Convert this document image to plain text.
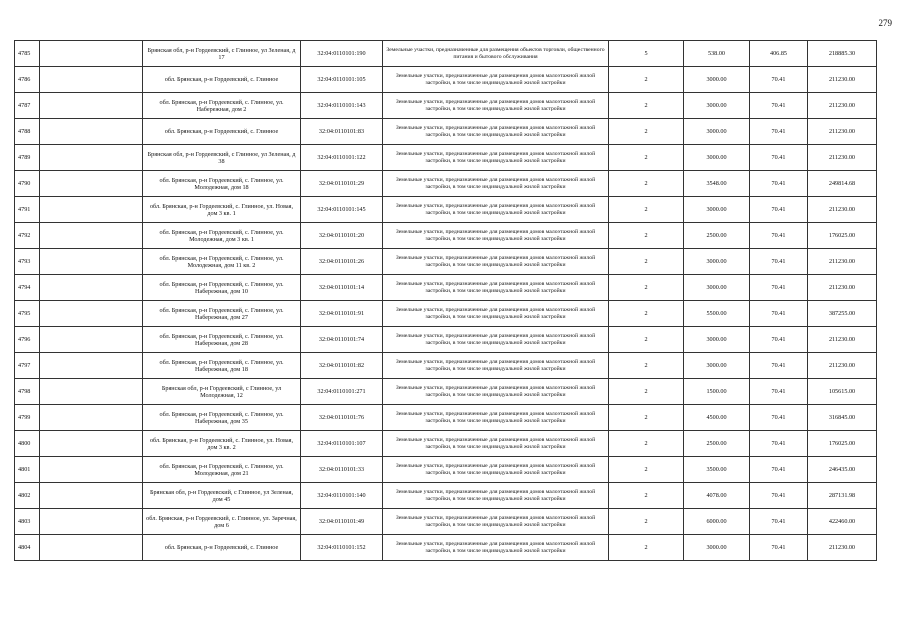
279
4785		Брянская обл, р-н Гордеевский, с Глинное, ул Зеленая, д 17	32:04:0110101:190	Земельные участки, предназначенные для размещения объектов торговли, общественного питания и бытового обслуживания	5	538.00	406.85	218885.30
4786		обл. Брянская, р-н Гордеевский, с. Глинное	32:04:0110101:105	Земельные участки, предназначенные для размещения домов малоэтажной жилой застройки, в том числе индивидуальной жилой застройки	2	3000.00	70.41	211230.00
4787		обл. Брянская, р-н Гордеевский, с. Глинное, ул. Набережная, дом 2	32:04:0110101:143	Земельные участки, предназначенные для размещения домов малоэтажной жилой застройки, в том числе индивидуальной жилой застройки	2	3000.00	70.41	211230.00
4788		обл. Брянская, р-н Гордеевский, с. Глинное	32:04:0110101:83	Земельные участки, предназначенные для размещения домов малоэтажной жилой застройки, в том числе индивидуальной жилой застройки	2	3000.00	70.41	211230.00
4789		Брянская обл, р-н Гордеевский, с Глинное, ул Зеленая, д 38	32:04:0110101:122	Земельные участки, предназначенные для размещения домов малоэтажной жилой застройки, в том числе индивидуальной жилой застройки	2	3000.00	70.41	211230.00
4790		обл. Брянская, р-н Гордеевский, с. Глинное, ул. Молодежная, дом 18	32:04:0110101:29	Земельные участки, предназначенные для размещения домов малоэтажной жилой застройки, в том числе индивидуальной жилой застройки	2	3548.00	70.41	249814.68
4791		обл. Брянская, р-н Гордеевский, с. Глинное, ул. Новая, дом 3 кв. 1	32:04:0110101:145	Земельные участки, предназначенные для размещения домов малоэтажной жилой застройки, в том числе индивидуальной жилой застройки	2	3000.00	70.41	211230.00
4792		обл. Брянская, р-н Гордеевский, с. Глинное, ул. Молодежная, дом 3 кв. 1	32:04:0110101:20	Земельные участки, предназначенные для размещения домов малоэтажной жилой застройки, в том числе индивидуальной жилой застройки	2	2500.00	70.41	176025.00
4793		обл. Брянская, р-н Гордеевский, с. Глинное, ул. Молодежная, дом 11 кв. 2	32:04:0110101:26	Земельные участки, предназначенные для размещения домов малоэтажной жилой застройки, в том числе индивидуальной жилой застройки	2	3000.00	70.41	211230.00
4794		обл. Брянская, р-н Гордеевский, с. Глинное, ул. Набережная, дом 10	32:04:0110101:14	Земельные участки, предназначенные для размещения домов малоэтажной жилой застройки, в том числе индивидуальной жилой застройки	2	3000.00	70.41	211230.00
4795		обл. Брянская, р-н Гордеевский, с. Глинное, ул. Набережная, дом 27	32:04:0110101:91	Земельные участки, предназначенные для размещения домов малоэтажной жилой застройки, в том числе индивидуальной жилой застройки	2	5500.00	70.41	387255.00
4796		обл. Брянская, р-н Гордеевский, с. Глинное, ул. Набережная, дом 28	32:04:0110101:74	Земельные участки, предназначенные для размещения домов малоэтажной жилой застройки, в том числе индивидуальной жилой застройки	2	3000.00	70.41	211230.00
4797		обл. Брянская, р-н Гордеевский, с. Глинное, ул. Набережная, дом 18	32:04:0110101:82	Земельные участки, предназначенные для размещения домов малоэтажной жилой застройки, в том числе индивидуальной жилой застройки	2	3000.00	70.41	211230.00
4798		Брянская обл, р-н Гордеевский, с Глинное, ул Молодежная, 12	32:04:0110101:271	Земельные участки, предназначенные для размещения домов малоэтажной жилой застройки, в том числе индивидуальной жилой застройки	2	1500.00	70.41	105615.00
4799		обл. Брянская, р-н Гордеевский, с. Глинное, ул. Набережная, дом 35	32:04:0110101:76	Земельные участки, предназначенные для размещения домов малоэтажной жилой застройки, в том числе индивидуальной жилой застройки	2	4500.00	70.41	316845.00
4800		обл. Брянская, р-н Гордеевский, с. Глинное, ул. Новая, дом 3 кв. 2	32:04:0110101:107	Земельные участки, предназначенные для размещения домов малоэтажной жилой застройки, в том числе индивидуальной жилой застройки	2	2500.00	70.41	176025.00
4801		обл. Брянская, р-н Гордеевский, с. Глинное, ул. Молодежная, дом 21	32:04:0110101:33	Земельные участки, предназначенные для размещения домов малоэтажной жилой застройки, в том числе индивидуальной жилой застройки	2	3500.00	70.41	246435.00
4802		Брянская обл, р-н Гордеевский, с Глинное, ул Зеленая, дом 45	32:04:0110101:140	Земельные участки, предназначенные для размещения домов малоэтажной жилой застройки, в том числе индивидуальной жилой застройки	2	4078.00	70.41	287131.98
4803		обл. Брянская, р-н Гордеевский, с. Глинное, ул. Заречная, дом 6	32:04:0110101:49	Земельные участки, предназначенные для размещения домов малоэтажной жилой застройки, в том числе индивидуальной жилой застройки	2	6000.00	70.41	422460.00
4804		обл. Брянская, р-н Гордеевский, с. Глинное	32:04:0110101:152	Земельные участки, предназначенные для размещения домов малоэтажной жилой застройки, в том числе индивидуальной жилой застройки	2	3000.00	70.41	211230.00
